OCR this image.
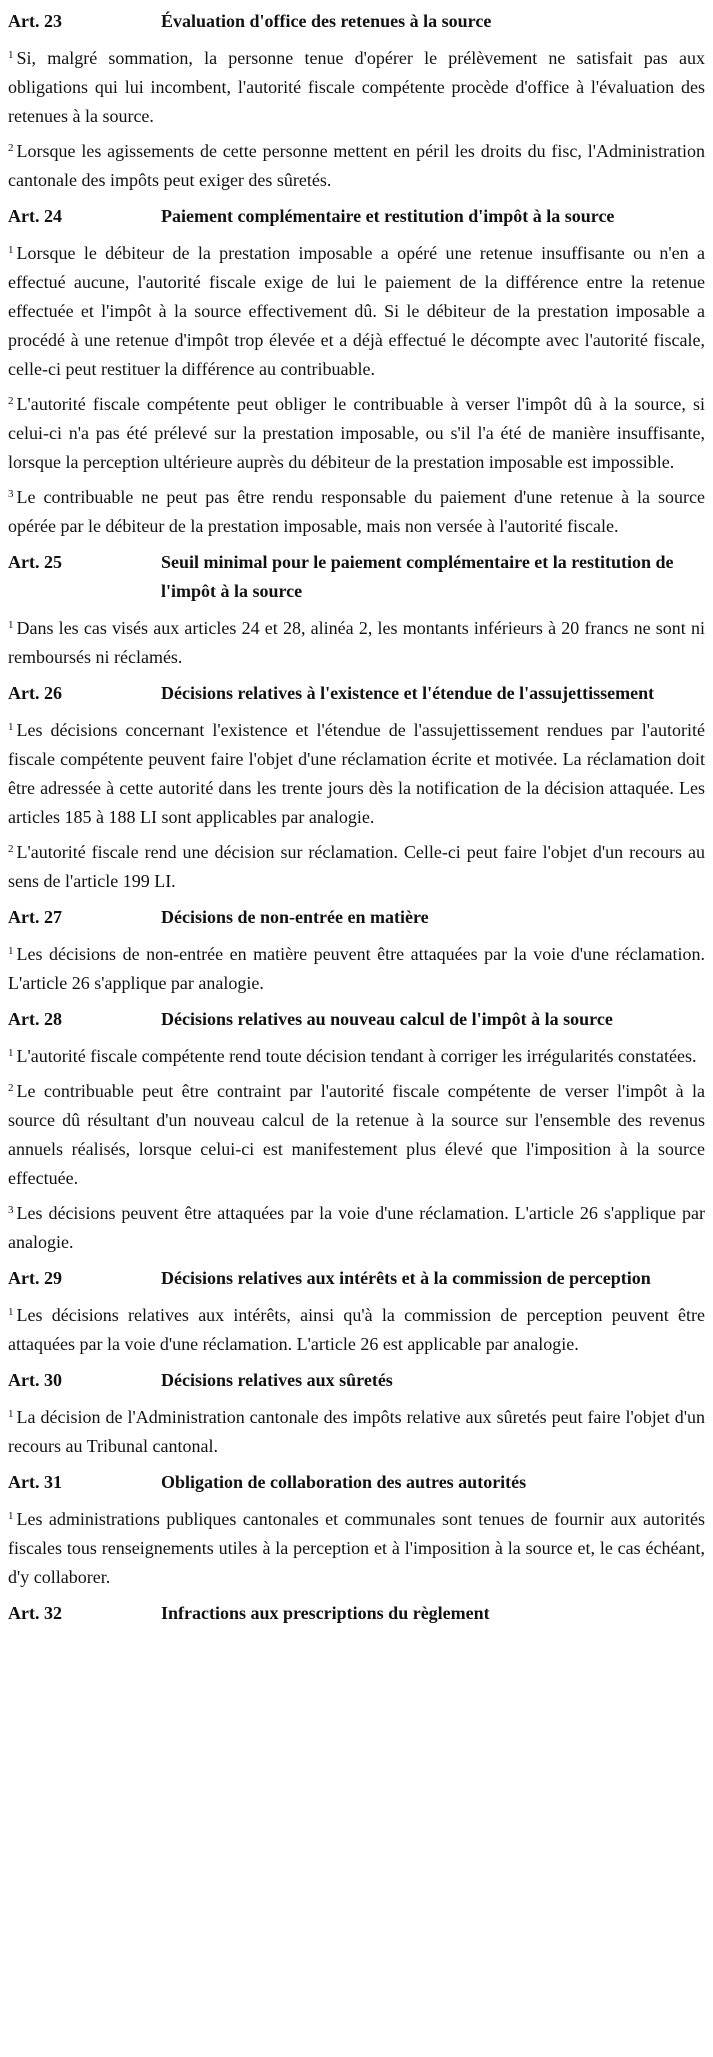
Art. 23	Évaluation d'office des retenues à la source

$^1$ Si, malgré sommation, la personne tenue d'opérer le prélèvement ne satisfait pas aux obligations qui lui incombent, l'autorité fiscale compétente procède d'office à l'évaluation des retenues à la source.

$^2$ Lorsque les agissements de cette personne mettent en péril les droits du fisc, l'Administration cantonale des impôts peut exiger des sûretés.

Art. 24	Paiement complémentaire et restitution d'impôt à la source

$^1$ Lorsque le débiteur de la prestation imposable a opéré une retenue insuffisante ou n'en a effectué aucune, l'autorité fiscale exige de lui le paiement de la différence entre la retenue effectuée et l'impôt à la source effectivement dû. Si le débiteur de la prestation imposable a procédé à une retenue d'impôt trop élevée et a déjà effectué le décompte avec l'autorité fiscale, celle-ci peut restituer la différence au contribuable.

$^2$ L'autorité fiscale compétente peut obliger le contribuable à verser l'impôt dû à la source, si celui-ci n'a pas été prélevé sur la prestation imposable, ou s'il l'a été de manière insuffisante, lorsque la perception ultérieure auprès du débiteur de la prestation imposable est impossible.

$^3$ Le contribuable ne peut pas être rendu responsable du paiement d'une retenue à la source opérée par le débiteur de la prestation imposable, mais non versée à l'autorité fiscale.

Art. 25	Seuil minimal pour le paiement complémentaire et la restitution de l'impôt à la source

$^1$ Dans les cas visés aux articles 24 et 28, alinéa 2, les montants inférieurs à 20 francs ne sont ni remboursés ni réclamés.

Art. 26	Décisions relatives à l'existence et l'étendue de l'assujettissement

$^1$ Les décisions concernant l'existence et l'étendue de l'assujettissement rendues par l'autorité fiscale compétente peuvent faire l'objet d'une réclamation écrite et motivée. La réclamation doit être adressée à cette autorité dans les trente jours dès la notification de la décision attaquée. Les articles 185 à 188 LI sont applicables par analogie.

$^2$ L'autorité fiscale rend une décision sur réclamation. Celle-ci peut faire l'objet d'un recours au sens de l'article 199 LI.

Art. 27	Décisions de non-entrée en matière

$^1$ Les décisions de non-entrée en matière peuvent être attaquées par la voie d'une réclamation. L'article 26 s'applique par analogie.

Art. 28	Décisions relatives au nouveau calcul de l'impôt à la source

$^1$ L'autorité fiscale compétente rend toute décision tendant à corriger les irrégularités constatées.

$^2$ Le contribuable peut être contraint par l'autorité fiscale compétente de verser l'impôt à la source dû résultant d'un nouveau calcul de la retenue à la source sur l'ensemble des revenus annuels réalisés, lorsque celui-ci est manifestement plus élevé que l'imposition à la source effectuée.

$^3$ Les décisions peuvent être attaquées par la voie d'une réclamation. L'article 26 s'applique par analogie.

Art. 29	Décisions relatives aux intérêts et à la commission de perception

$^1$ Les décisions relatives aux intérêts, ainsi qu'à la commission de perception peuvent être attaquées par la voie d'une réclamation. L'article 26 est applicable par analogie.

Art. 30	Décisions relatives aux sûretés

$^1$ La décision de l'Administration cantonale des impôts relative aux sûretés peut faire l'objet d'un recours au Tribunal cantonal.

Art. 31	Obligation de collaboration des autres autorités

$^1$ Les administrations publiques cantonales et communales sont tenues de fournir aux autorités fiscales tous renseignements utiles à la perception et à l'imposition à la source et, le cas échéant, d'y collaborer.

Art. 32	Infractions aux prescriptions du règlement
